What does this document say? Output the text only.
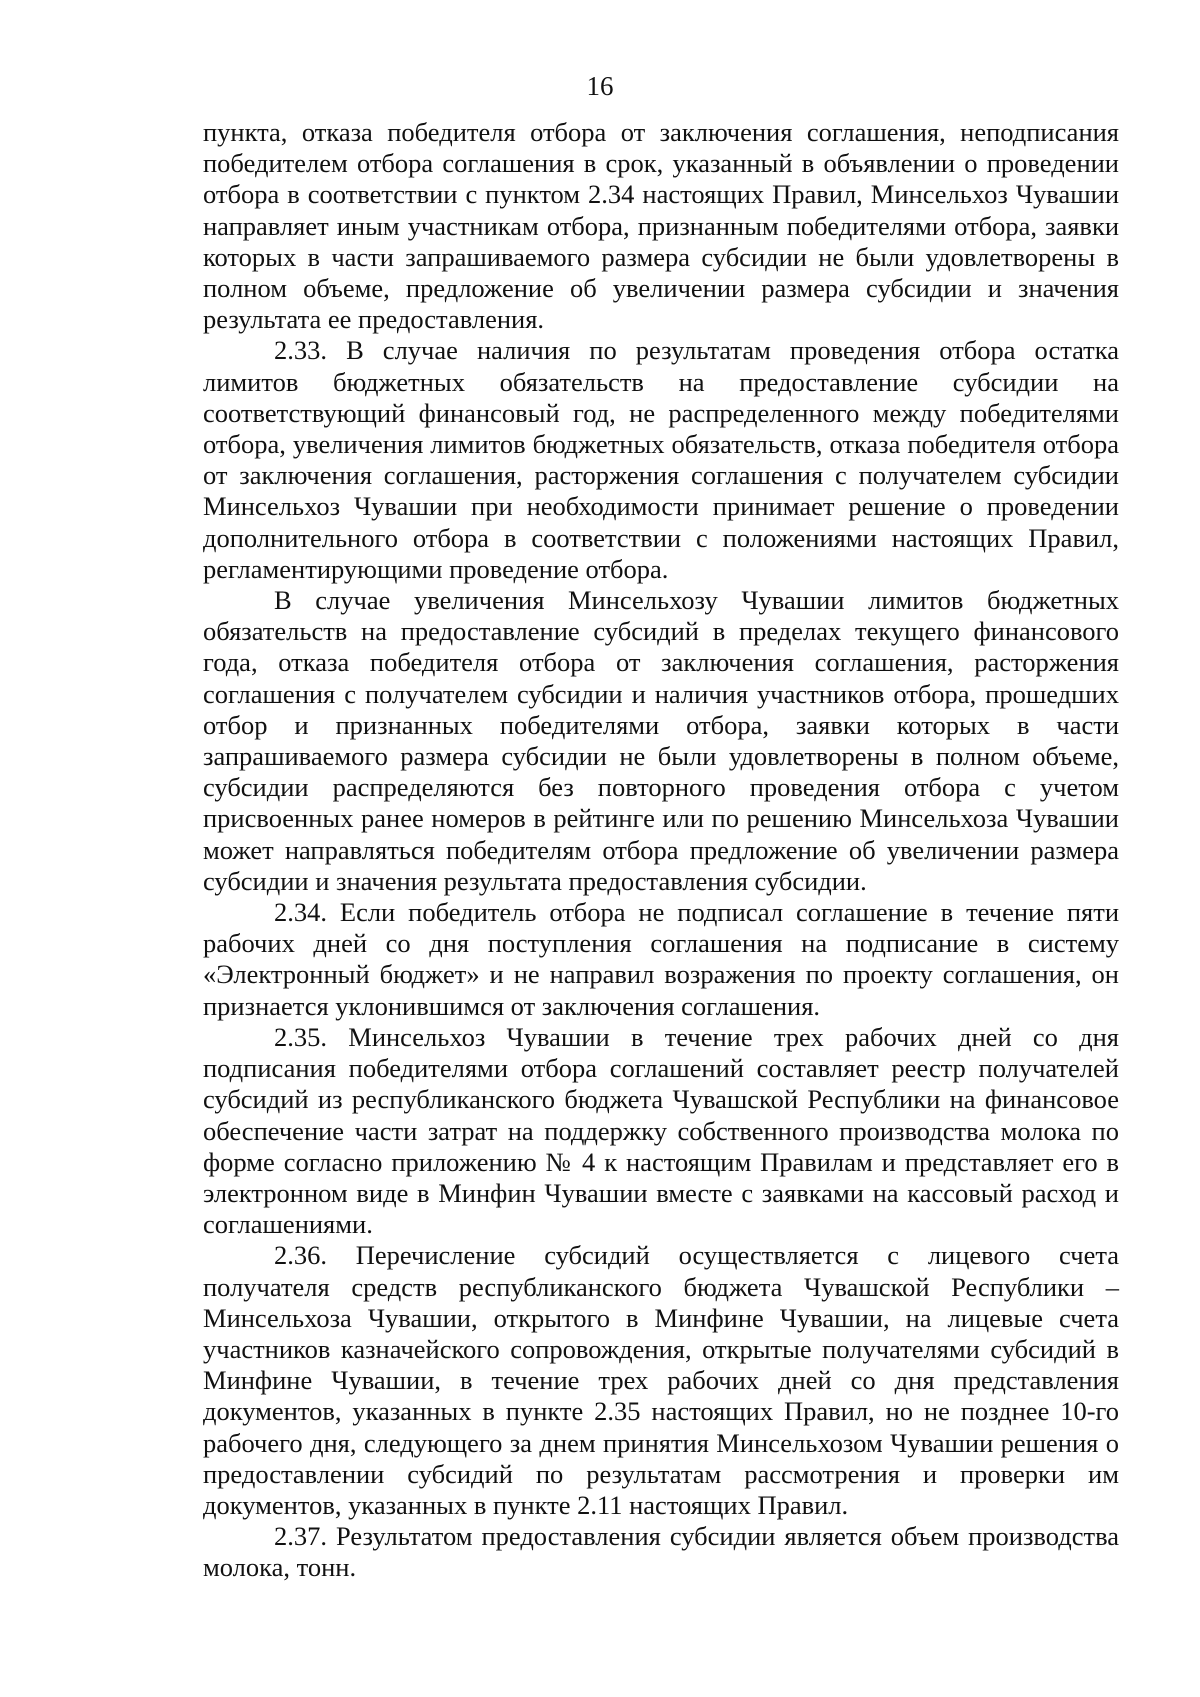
16

пункта, отказа победителя отбора от заключения соглашения, неподписания победителем отбора соглашения в срок, указанный в объявлении о проведении отбора в соответствии с пунктом 2.34 настоящих Правил, Минсельхоз Чувашии направляет иным участникам отбора, признанным победителями отбора, заявки которых в части запрашиваемого размера субсидии не были удовлетворены в полном объеме, предложение об увеличении размера субсидии и значения результата ее предоставления.

2.33. В случае наличия по результатам проведения отбора остатка лимитов бюджетных обязательств на предоставление субсидии на соответствующий финансовый год, не распределенного между победителями отбора, увеличения лимитов бюджетных обязательств, отказа победителя отбора от заключения соглашения, расторжения соглашения с получателем субсидии Минсельхоз Чувашии при необходимости принимает решение о проведении дополнительного отбора в соответствии с положениями настоящих Правил, регламентирующими проведение отбора.

В случае увеличения Минсельхозу Чувашии лимитов бюджетных обязательств на предоставление субсидий в пределах текущего финансового года, отказа победителя отбора от заключения соглашения, расторжения соглашения с получателем субсидии и наличия участников отбора, прошедших отбор и признанных победителями отбора, заявки которых в части запрашиваемого размера субсидии не были удовлетворены в полном объеме, субсидии распределяются без повторного проведения отбора с учетом присвоенных ранее номеров в рейтинге или по решению Минсельхоза Чувашии может направляться победителям отбора предложение об увеличении размера субсидии и значения результата предоставления субсидии.

2.34. Если победитель отбора не подписал соглашение в течение пяти рабочих дней со дня поступления соглашения на подписание в систему «Электронный бюджет» и не направил возражения по проекту соглашения, он признается уклонившимся от заключения соглашения.

2.35. Минсельхоз Чувашии в течение трех рабочих дней со дня подписания победителями отбора соглашений составляет реестр получателей субсидий из республиканского бюджета Чувашской Республики на финансовое обеспечение части затрат на поддержку собственного производства молока по форме согласно приложению № 4 к настоящим Правилам и представляет его в электронном виде в Минфин Чувашии вместе с заявками на кассовый расход и соглашениями.

2.36. Перечисление субсидий осуществляется с лицевого счета получателя средств республиканского бюджета Чувашской Республики – Минсельхоза Чувашии, открытого в Минфине Чувашии, на лицевые счета участников казначейского сопровождения, открытые получателями субсидий в Минфине Чувашии, в течение трех рабочих дней со дня представления документов, указанных в пункте 2.35 настоящих Правил, но не позднее 10-го рабочего дня, следующего за днем принятия Минсельхозом Чувашии решения о предоставлении субсидий по результатам рассмотрения и проверки им документов, указанных в пункте 2.11 настоящих Правил.

2.37. Результатом предоставления субсидии является объем производства молока, тонн.
